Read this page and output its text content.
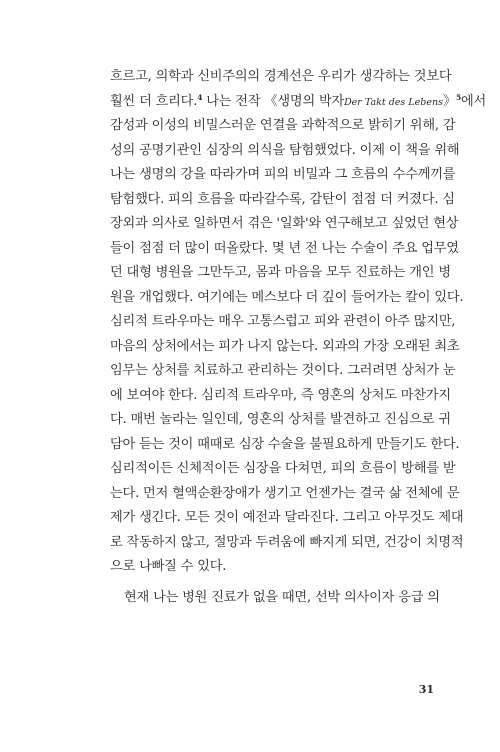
흐르고, 의학과 신비주의의 경계선은 우리가 생각하는 것보다
훨씬 더 흐리다.$^4$ 나는 전작 《생명의 박자Der Takt des Lebens》$^5$에서
감성과 이성의 비밀스러운 연결을 과학적으로 밝히기 위해, 감
성의 공명기관인 심장의 의식을 탐험했었다. 이제 이 책을 위해
나는 생명의 강을 따라가며 피의 비밀과 그 흐름의 수수께끼를
탐험했다. 피의 흐름을 따라갈수록, 감탄이 점점 더 커졌다. 심
장외과 의사로 일하면서 겪은 '일화'와 연구해보고 싶었던 현상
들이 점점 더 많이 떠올랐다. 몇 년 전 나는 수술이 주요 업무였
던 대형 병원을 그만두고, 몸과 마음을 모두 진료하는 개인 병
원을 개업했다. 여기에는 메스보다 더 깊이 들어가는 칼이 있다.
심리적 트라우마는 매우 고통스럽고 피와 관련이 아주 많지만,
마음의 상처에서는 피가 나지 않는다. 외과의 가장 오래된 최초
임무는 상처를 치료하고 관리하는 것이다. 그러려면 상처가 눈
에 보여야 한다. 심리적 트라우마, 즉 영혼의 상처도 마찬가지
다. 매번 놀라는 일인데, 영혼의 상처를 발견하고 진심으로 귀
담아 듣는 것이 때때로 심장 수술을 불필요하게 만들기도 한다.
심리적이든 신체적이든 심장을 다쳐면, 피의 흐름이 방해를 받
는다. 먼저 혈액순환장애가 생기고 언젠가는 결국 삶 전체에 문
제가 생긴다. 모든 것이 예전과 달라진다. 그리고 아무것도 제대
로 작동하지 않고, 절망과 두려움에 빠지게 되면, 건강이 치명적
으로 나빠질 수 있다.
현재 나는 병원 진료가 없을 때면, 선박 의사이자 응급 의
31
